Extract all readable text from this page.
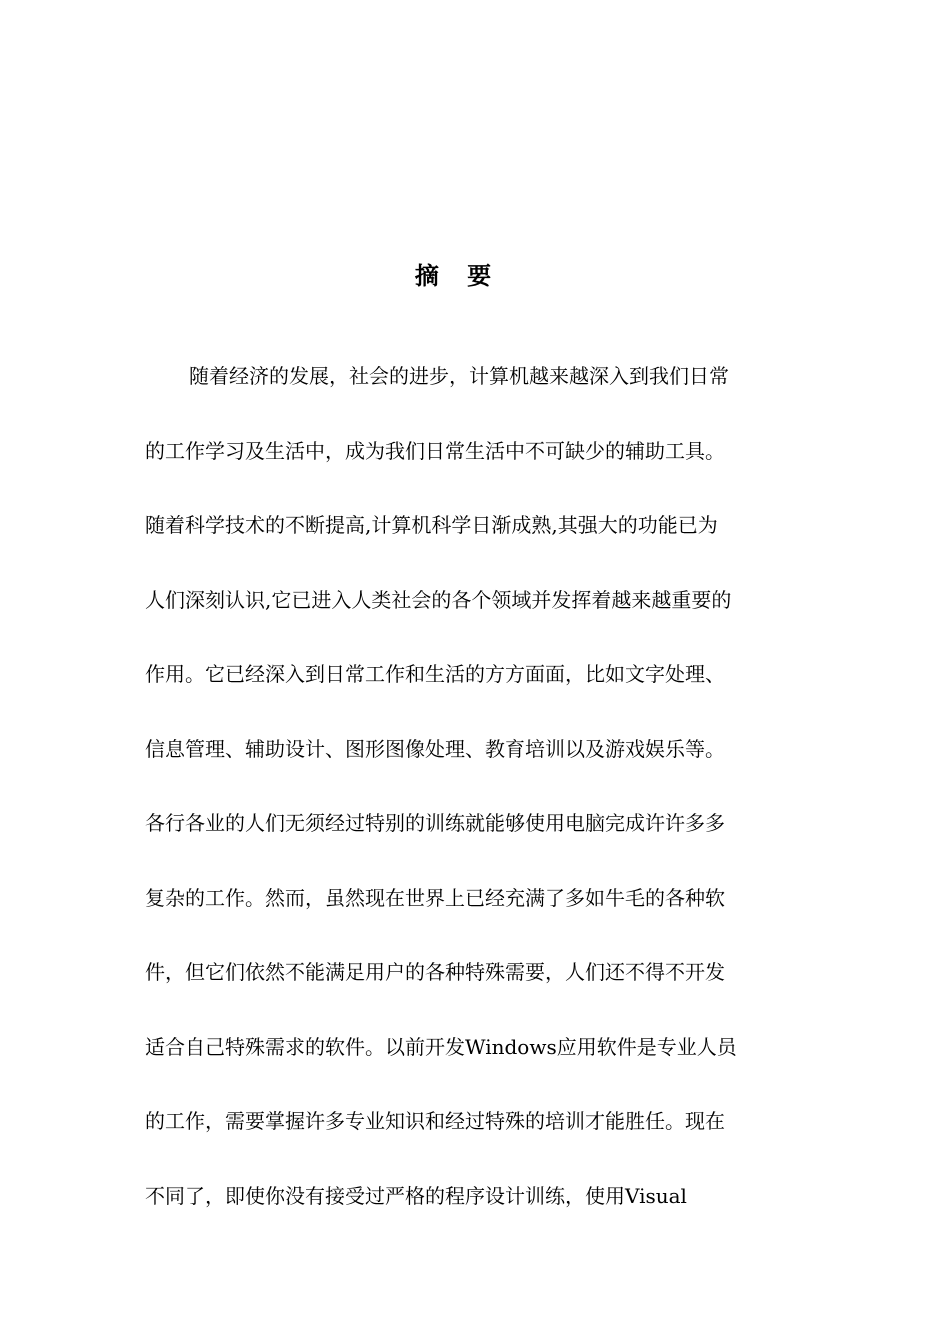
摘 要
随着经济的发展，社会的进步，计算机越来越深入到我们日常
的工作学习及生活中，成为我们日常生活中不可缺少的辅助工具。
随着科学技术的不断提高,计算机科学日渐成熟,其强大的功能已为
人们深刻认识,它已进入人类社会的各个领域并发挥着越来越重要的
作用。它已经深入到日常工作和生活的方方面面，比如文字处理、
信息管理、辅助设计、图形图像处理、教育培训以及游戏娱乐等。
各行各业的人们无须经过特别的训练就能够使用电脑完成许许多多
复杂的工作。然而，虽然现在世界上已经充满了多如牛毛的各种软
件，但它们依然不能满足用户的各种特殊需要，人们还不得不开发
适合自己特殊需求的软件。以前开发Windows应用软件是专业人员
的工作，需要掌握许多专业知识和经过特殊的培训才能胜任。现在
不同了，即使你没有接受过严格的程序设计训练，使用Visual
